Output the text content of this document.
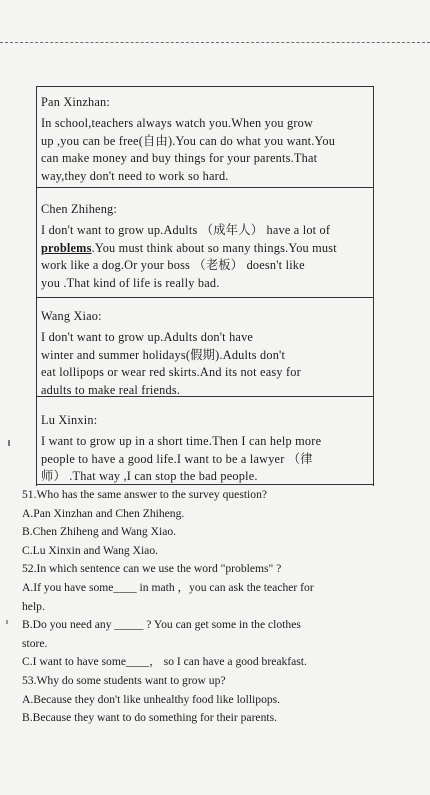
Pan Xinzhan:
In school,teachers always watch you.When you grow
up ,you can be free(自由).You can do what you want.You
can make money and buy things for your parents.That
way,they don't need to work so hard.
Chen Zhiheng:
I don't want to grow up.Adults （成年人） have a lot of
problems.You must think about so many things.You must
work like a dog.Or your boss （老板） doesn't like
you .That kind of life is really bad.
Wang Xiao:
I don't want to grow up.Adults don't have
winter and summer holidays(假期).Adults don't
eat lollipops or wear red skirts.And its not easy for
adults to make real friends.
Lu Xinxin:
I want to grow up in a short time.Then I can help more
people to have a good life.I want to be a lawyer （律
师） .That way ,I can stop the bad people.
51.Who has the same answer to the survey question?
A.Pan Xinzhan and Chen Zhiheng.
B.Chen Zhiheng and Wang Xiao.
C.Lu Xinxin and Wang Xiao.
52.In which sentence can we use the word "problems" ?
A.If you have some____ in math ，you can ask the teacher for
help.
B.Do you need any _____ ? You can get some in the clothes
store.
C.I want to have some____， so I can have a good breakfast.
53.Why do some students want to grow up?
A.Because they don't like unhealthy food like lollipops.
B.Because they want to do something for their parents.
